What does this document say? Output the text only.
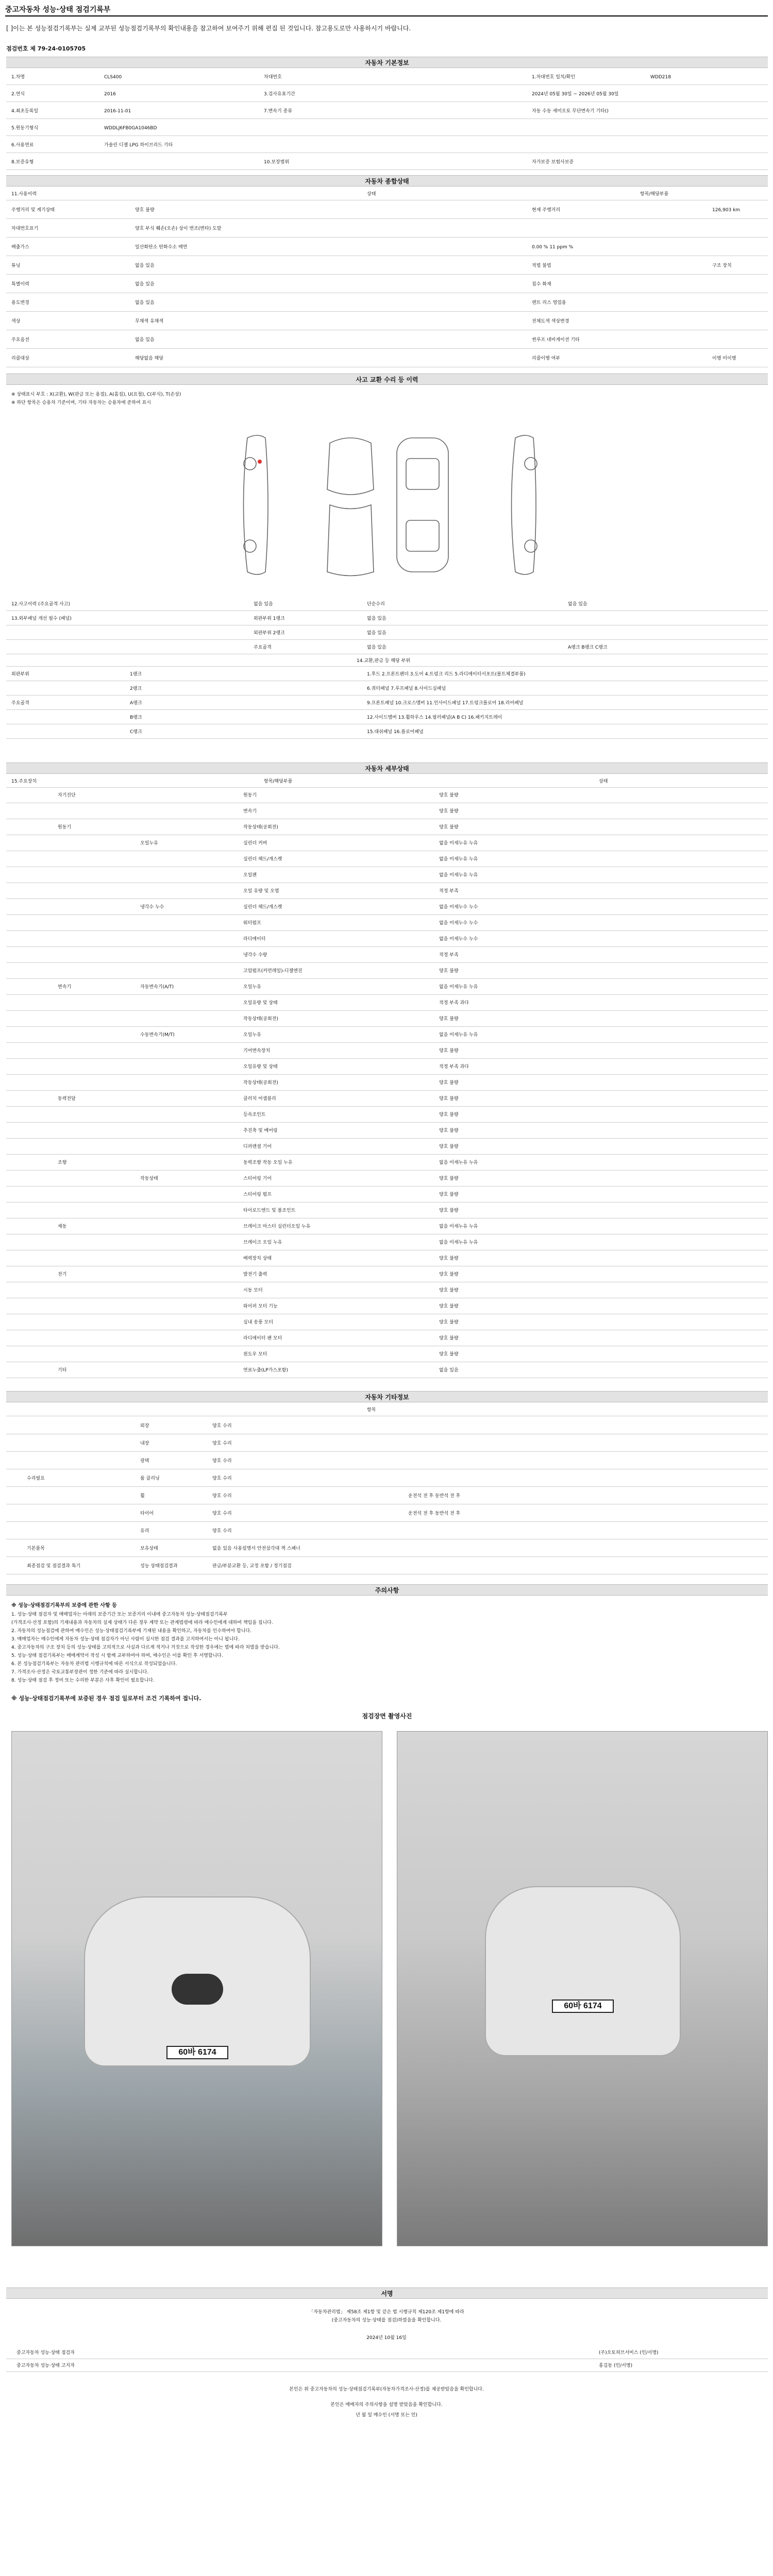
중고자동차 성능·상태 점검기록부
[ ]이는 본 성능점검기록부는 실제 교부된 성능점검기록부의 확인내용을 참고하여 보여주기 위해 편집 된 것입니다. 참고용도로만 사용하시기 바랍니다.
점검번호 제 79-24-0105705
자동차 기본정보
1.차명	CLS400	차대번호	1.차대번호 일치/확인	WDD218
2.연식	2016	3.검사유효기간	2024년 05월 30일 ~ 2026년 05월 30일
4.최초등록일	2016-11-01	7.변속기 종류	자동 수동 세미오토 무단변속기 기타()
5.원동기형식	WDDLJ6FB0GA1046BD
6.사용연료	가솔린 디젤 LPG 하이브리드 기타
8.보증유형	10.보장범위	자가보증 보험사보증
자동차 종합상태
11.사용이력	상태	항목/해당부품
주행거리 및 계기상태	양호 불량	현재 주행거리	126,903 km
차대번호표기	양호 부식 훼손(오손) 상이 변조(변타) 도말
배출가스	일산화탄소 탄화수소 매연	0.00 % 11 ppm %
튜닝	없음 있음	적법 불법	구조 장치
특별이력	없음 있음	침수 화재
용도변경	없음 있음	렌트 리스 영업용
색상	무채색 유채색	전체도색 색상변경
주요옵션	없음 있음	썬루프 네비게이션 기타
리콜대상	해당없음 해당	리콜이행 여부	이행 미이행
사고 교환 수리 등 이력
※ 상태표시 부호 : X(교환), W(판금 또는 용접), A(흠집), U(요철), C(부식), T(손상)
※ 하단 항목은 승용차 기준이며, 기타 자동차는 승용차에 준하여 표시
12.사고이력 (주요골격 사고)	없음 있음	단순수리	없음 있음
13.외부패널 개선 필수 (패널)	외판부위 1랭크	없음 있음
외판부위 2랭크	없음 있음
주요골격	없음 있음	A랭크 B랭크 C랭크
14.교환,판금 등 해당 부위
외판부위	1랭크	1.후드 2.프론트펜더 3.도어 4.트렁크 리드 5.라디에이터서포트(볼트체결부품)
2랭크	6.쿼터패널 7.루프패널 8.사이드실패널
주요골격	A랭크	9.프론트패널 10.크로스멤버 11.인사이드패널 17.트렁크플로어 18.리어패널
B랭크	12.사이드멤버 13.휠하우스 14.필러패널(A B C) 16.패키지트레이
C랭크	15.대쉬패널 16.플로어패널
자동차 세부상태
15.주요장치	항목/해당부품	상태
자기진단	원동기	양호 불량
변속기	양호 불량
원동기	작동상태(공회전)	양호 불량
오일누유	실린더 커버	없음 미세누유 누유
실린더 헤드/개스켓	없음 미세누유 누유
오일팬	없음 미세누유 누유
오일 유량 및 오염	적정 부족
냉각수 누수	실린더 헤드/개스켓	없음 미세누수 누수
워터펌프	없음 미세누수 누수
라디에이터	없음 미세누수 누수
냉각수 수량	적정 부족
고압펌프(커먼레일)-디젤엔진	양호 불량
변속기	자동변속기(A/T)	오일누유	없음 미세누유 누유
오일유량 및 상태	적정 부족 과다
작동상태(공회전)	양호 불량
수동변속기(M/T)	오일누유	없음 미세누유 누유
기어변속장치	양호 불량
오일유량 및 상태	적정 부족 과다
작동상태(공회전)	양호 불량
동력전달	클러치 어셈블리	양호 불량
등속조인트	양호 불량
추진축 및 베어링	양호 불량
디퍼렌셜 기어	양호 불량
조향	동력조향 작동 오일 누유	없음 미세누유 누유
작동상태	스티어링 기어	양호 불량
스티어링 펌프	양호 불량
타이로드엔드 및 볼조인트	양호 불량
제동	브레이크 마스터 실린더오일 누유	없음 미세누유 누유
브레이크 오일 누유	없음 미세누유 누유
배력장치 상태	양호 불량
전기	발전기 출력	양호 불량
시동 모터	양호 불량
와이퍼 모터 기능	양호 불량
실내 송풍 모터	양호 불량
라디에이터 팬 모터	양호 불량
윈도우 모터	양호 불량
기타	연료누출(LP가스포함)	없음 있음
자동차 기타정보
항목
외장	양호 수리
내장	양호 수리
광택	양호 수리
수리필요	룸 클리닝	양호 수리
휠	양호 수리	운전석 전 후 동반석 전 후
타이어	양호 수리	운전석 전 후 동반석 전 후
유리	양호 수리
기본품목	보유상태	없음 있음 사용설명서 안전삼각대 잭 스패너
최종점검 및 점검결과 특기	성능 상태점검결과	판금/부분교환 등, 교정 포함 / 정기점검
주의사항
※ 성능·상태점검기록부의 보증에 관한 사항 등
1. 성능·상태 점검자 및 매매업자는 아래의 보증기간 또는 보증거리 이내에 중고자동차 성능·상태점검기록부
(가격조사·산정 포함)의 기재내용과 자동차의 실제 상태가 다른 경우 계약 또는 관계법령에 따라 매수인에게 대하여 책임을 집니다.
2. 자동차의 성능점검에 관하여 매수인은 성능·상태점검기록부에 기재된 내용을 확인하고, 자동차를 인수하여야 합니다.
3. 매매업자는 매수인에게 자동차 성능·상태 점검자가 아닌 사람이 실시한 점검 결과를 고지하여서는 아니 됩니다.
4. 중고자동차의 구조 장치 등의 성능·상태를 고의적으로 사실과 다르게 적거나 거짓으로 작성한 경우에는 법에 따라 처벌을 받습니다.
5. 성능·상태 점검기록부는 매매계약서 작성 시 함께 교부하여야 하며, 매수인은 이를 확인 후 서명합니다.
6. 본 성능점검기록부는 자동차 관리법 시행규칙에 따른 서식으로 작성되었습니다.
7. 가격조사·산정은 국토교통부장관이 정한 기준에 따라 실시합니다.
8. 성능·상태 점검 후 정비 또는 수리한 부분은 사후 확인이 필요합니다.
※ 성능·상태점검기록부에 보증된 경우 점검 일로부터 조건 기록하여 접니다.
점검장면 촬영사진
60바 6174
60바 6174
서명
「자동차관리법」 제58조 제1항 및 같은 법 시행규칙 제120조 제1항에 따라
(중고자동차의 성능·상태를 점검)하였음을 확인합니다.
2024년 10월 16일
중고자동차 성능·상태 점검자	(주)오토허브서비스 (인/서명)
중고자동차 성능·상태 고지자	홍길동 (인/서명)
본인은 위 중고자동차의 성능·상태점검기록부(자동차가격조사·산정)를 제공받았음을 확인합니다.
본인은 매매자의 주의사항을 설명 받았음을 확인합니다.
년 월 일 매수인 (서명 또는 인)
